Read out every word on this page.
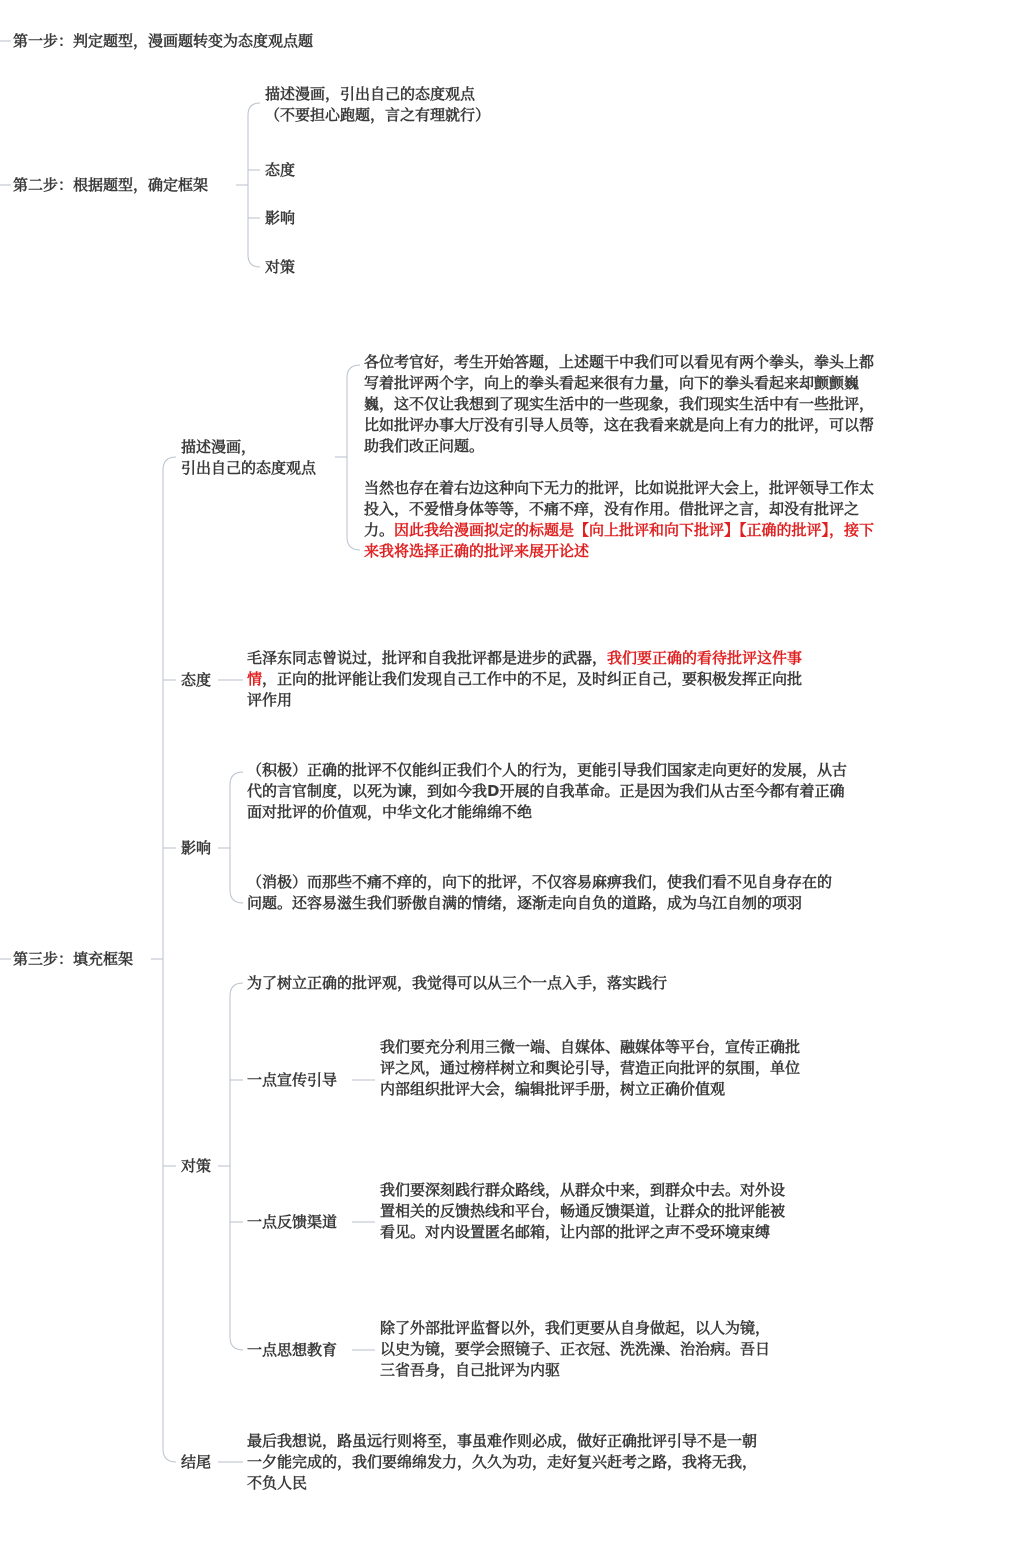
第一步：判定题型，漫画题转变为态度观点题
第二步：根据题型，确定框架
描述漫画，引出自己的态度观点
（不要担心跑题，言之有理就行）
态度
影响
对策
第三步：填充框架
描述漫画，
引出自己的态度观点
各位考官好，考生开始答题，上述题干中我们可以看见有两个拳头，拳头上都写着批评两个字，向上的拳头看起来很有力量，向下的拳头看起来却颤颤巍巍，这不仅让我想到了现实生活中的一些现象，我们现实生活中有一些批评，比如批评办事大厅没有引导人员等，这在我看来就是向上有力的批评，可以帮助我们改正问题。
当然也存在着右边这种向下无力的批评，比如说批评大会上，批评领导工作太投入，不爱惜身体等等，不痛不痒，没有作用。借批评之言，却没有批评之力。因此我给漫画拟定的标题是【向上批评和向下批评】【正确的批评】，接下来我将选择正确的批评来展开论述
态度
毛泽东同志曾说过，批评和自我批评都是进步的武器，我们要正确的看待批评这件事情，正向的批评能让我们发现自己工作中的不足，及时纠正自己，要积极发挥正向批评作用
影响
（积极）正确的批评不仅能纠正我们个人的行为，更能引导我们国家走向更好的发展，从古代的言官制度，以死为谏，到如今我D开展的自我革命。正是因为我们从古至今都有着正确面对批评的价值观，中华文化才能绵绵不绝
（消极）而那些不痛不痒的，向下的批评，不仅容易麻痹我们，使我们看不见自身存在的问题。还容易滋生我们骄傲自满的情绪，逐渐走向自负的道路，成为乌江自刎的项羽
对策
为了树立正确的批评观，我觉得可以从三个一点入手，落实践行
一点宣传引导
我们要充分利用三微一端、自媒体、融媒体等平台，宣传正确批评之风，通过榜样树立和舆论引导，营造正向批评的氛围，单位内部组织批评大会，编辑批评手册，树立正确价值观
一点反馈渠道
我们要深刻践行群众路线，从群众中来，到群众中去。对外设置相关的反馈热线和平台，畅通反馈渠道，让群众的批评能被看见。对内设置匿名邮箱，让内部的批评之声不受环境束缚
一点思想教育
除了外部批评监督以外，我们更要从自身做起，以人为镜，以史为镜，要学会照镜子、正衣冠、洗洗澡、治治病。吾日三省吾身，自己批评为内驱
结尾
最后我想说，路虽远行则将至，事虽难作则必成，做好正确批评引导不是一朝一夕能完成的，我们要绵绵发力，久久为功，走好复兴赶考之路，我将无我，不负人民
